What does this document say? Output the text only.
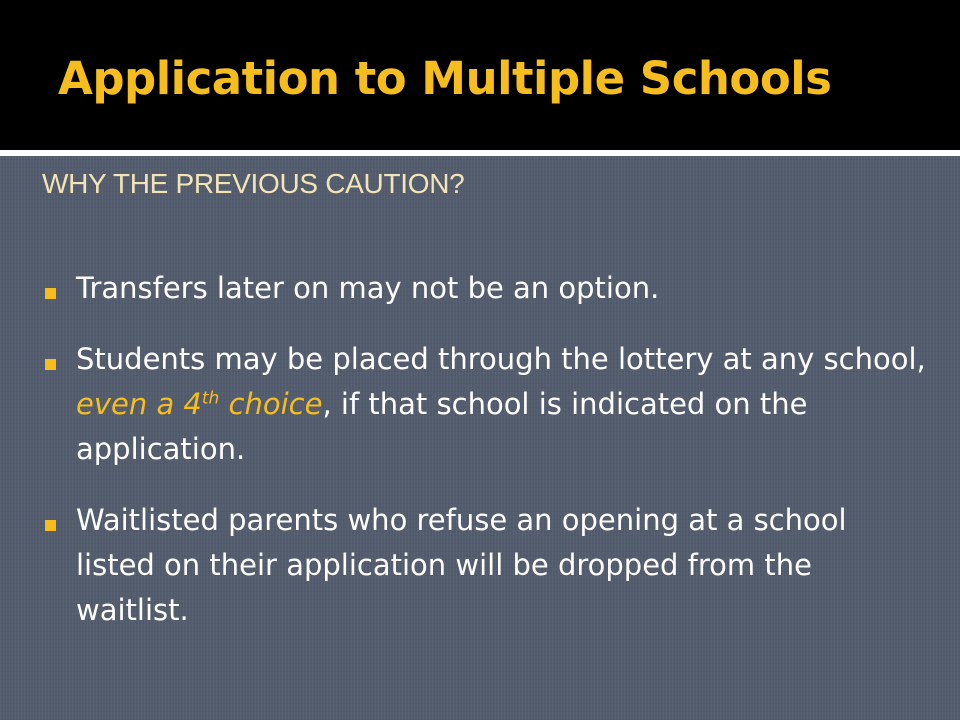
Application to Multiple Schools

WHY THE PREVIOUS CAUTION?

Transfers later on may not be an option.
Students may be placed through the lottery at any school, even a 4th choice, if that school is indicated on the application.
Waitlisted parents who refuse an opening at a school listed on their application will be dropped from the waitlist.
